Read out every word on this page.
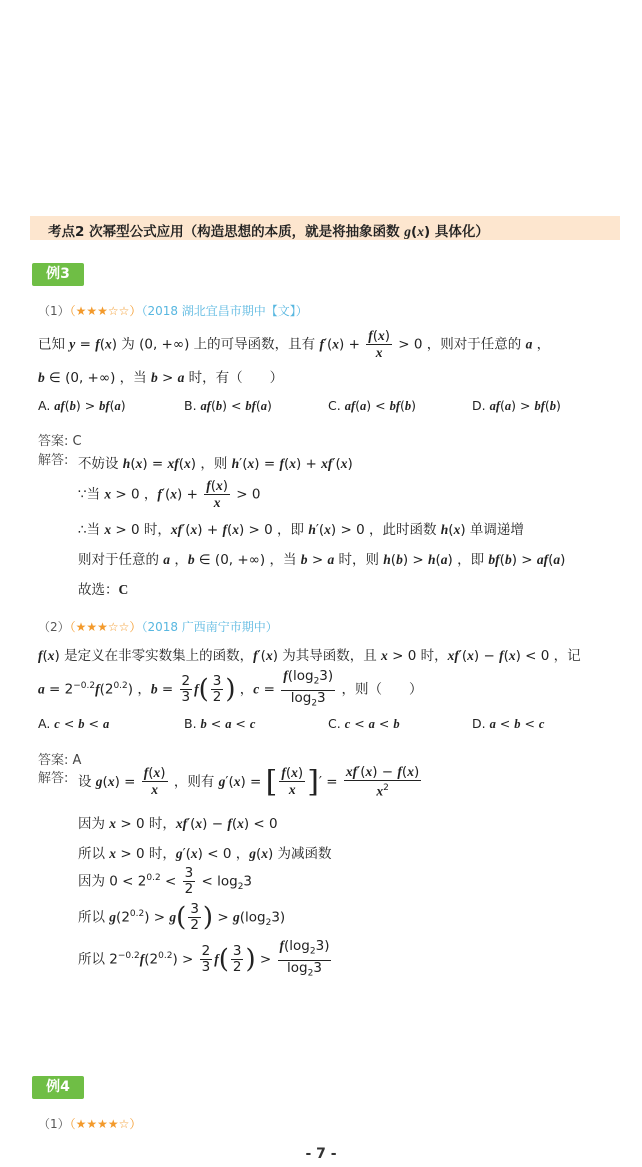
考点2 次幂型公式应用（构造思想的本质，就是将抽象函数 g(x) 具体化）
例3
（1）（★★★☆☆）（2018 湖北宜昌市期中【文】）
已知 y = f(x) 为 (0, +∞) 上的可导函数，且有 $f'(x) + \frac{f(x)}{x} > 0$ ，则对于任意的 a ，
b ∈ (0, +∞) ，当 b > a 时，有（　　）
A. af(b) > bf(a)	B. af(b) < bf(a)	C. af(a) < bf(b)	D. af(a) > bf(b)
答案: C
解答: 不妨设 h(x) = xf(x) ，则 h′(x) = f(x) + xf′(x)
∵当 x > 0 ，$f'(x) + \frac{f(x)}{x} > 0$
∴当 x > 0 时，xf′(x) + f(x) > 0 ，即 h′(x) > 0 ，此时函数 h(x) 单调递增
则对于任意的 a ，b ∈ (0, +∞) ，当 b > a 时，则 h(b) > h(a) ，即 bf(b) > af(a)
故选：C
（2）（★★★☆☆）（2018 广西南宁市期中）
f(x) 是定义在非零实数集上的函数，f′(x) 为其导函数，且 x > 0 时，xf′(x) − f(x) < 0 ，记
$a = 2^{-0.2}f(2^{0.2})$ ，$b = \frac{2}{3} f( \frac{3}{2}$ ) ，$c = \frac{f(\log_23)}{\log_23}$ ，则（　　）
A. c < b < a	B. b < a < c	C. c < a < b	D. a < b < c
答案: A
解答: 设 $g(x) = \frac{f(x)}{x}$ ，则有 g′(x) = [ $\frac{f(x)}{x}$ ]′ = $\frac{xf'(x) - f(x)}{x^2}$
因为 x > 0 时，xf′(x) − f(x) < 0
所以 x > 0 时，g′(x) < 0 ，g(x) 为减函数
因为 $0 < 2^{0.2} < \frac{3}{2} < \log_23$
所以 $g(2^{0.2}) > g( \frac{3}{2}$ ) > $g(\log_23)$
所以 $2^{-0.2}f(2^{0.2}) > \frac{2}{3} f( \frac{3}{2}$ ) > $\frac{f(\log_23)}{\log_23}$
例4
（1）（★★★★☆）
- 7 -
